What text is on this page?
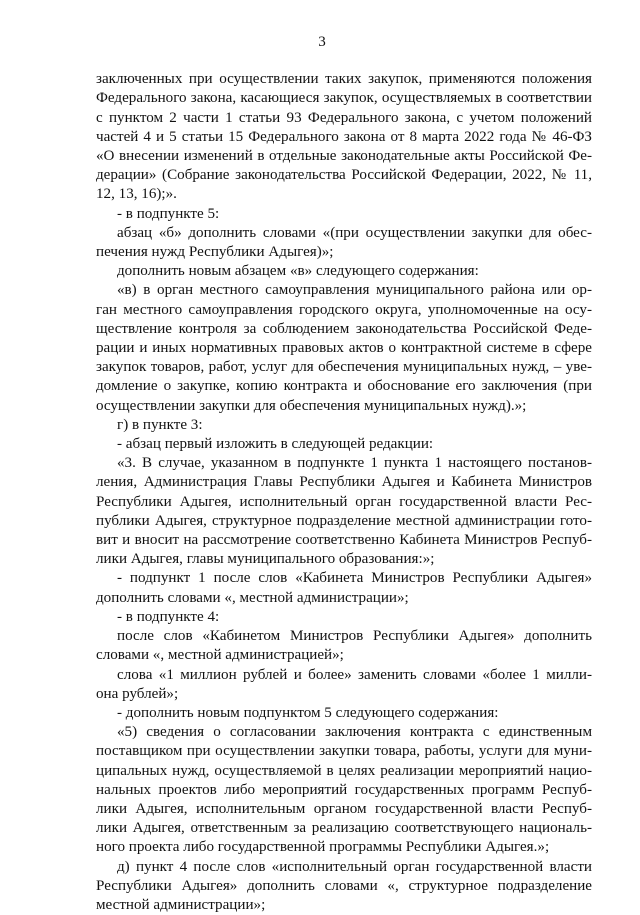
3
заключенных при осуществлении таких закупок, применяются положения
Федерального закона, касающиеся закупок, осуществляемых в соответствии
с пунктом 2 части 1 статьи 93 Федерального закона, с учетом положений
частей 4 и 5 статьи 15 Федерального закона от 8 марта 2022 года № 46-ФЗ
«О внесении изменений в отдельные законодательные акты Российской Фе-
дерации» (Собрание законодательства Российской Федерации, 2022, № 11,
12, 13, 16);».
- в подпункте 5:
абзац «б» дополнить словами «(при осуществлении закупки для обес-
печения нужд Республики Адыгея)»;
дополнить новым абзацем «в» следующего содержания:
«в) в орган местного самоуправления муниципального района или ор-
ган местного самоуправления городского округа, уполномоченные на осу-
ществление контроля за соблюдением законодательства Российской Феде-
рации и иных нормативных правовых актов о контрактной системе в сфере
закупок товаров, работ, услуг для обеспечения муниципальных нужд, – уве-
домление о закупке, копию контракта и обоснование его заключения (при
осуществлении закупки для обеспечения муниципальных нужд).»;
г) в пункте 3:
- абзац первый изложить в следующей редакции:
«3. В случае, указанном в подпункте 1 пункта 1 настоящего постанов-
ления, Администрация Главы Республики Адыгея и Кабинета Министров
Республики Адыгея, исполнительный орган государственной власти Рес-
публики Адыгея, структурное подразделение местной администрации гото-
вит и вносит на рассмотрение соответственно Кабинета Министров Респуб-
лики Адыгея, главы муниципального образования:»;
- подпункт 1 после слов «Кабинета Министров Республики Адыгея»
дополнить словами «, местной администрации»;
- в подпункте 4:
после слов «Кабинетом Министров Республики Адыгея» дополнить
словами «, местной администрацией»;
слова «1 миллион рублей и более» заменить словами «более 1 милли-
она рублей»;
- дополнить новым подпунктом 5 следующего содержания:
«5) сведения о согласовании заключения контракта с единственным
поставщиком при осуществлении закупки товара, работы, услуги для муни-
ципальных нужд, осуществляемой в целях реализации мероприятий нацио-
нальных проектов либо мероприятий государственных программ Респуб-
лики Адыгея, исполнительным органом государственной власти Респуб-
лики Адыгея, ответственным за реализацию соответствующего националь-
ного проекта либо государственной программы Республики Адыгея.»;
д) пункт 4 после слов «исполнительный орган государственной власти
Республики Адыгея» дополнить словами «, структурное подразделение
местной администрации»;
